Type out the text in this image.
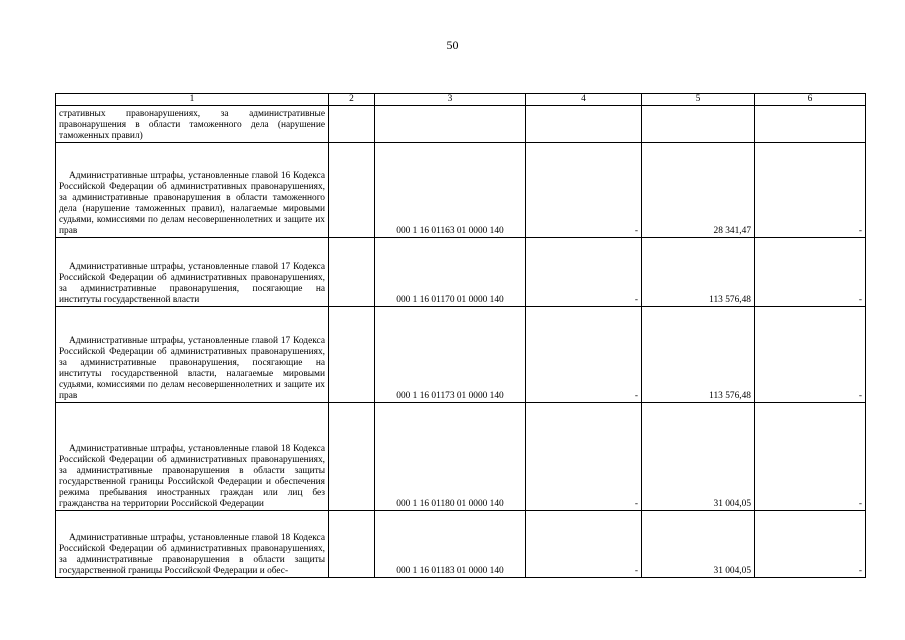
50
1	2	3	4	5	6
стративных правонарушениях, за административные правонарушения в области таможенного дела (нарушение таможенных правил)					
Административные штрафы, установленные главой 16 Кодекса Российской Федерации об административных правонарушениях, за административные правонарушения в области таможенного дела (нарушение таможенных правил), налагаемые мировыми судьями, комиссиями по делам несовершеннолетних и защите их прав		000 1 16 01163 01 0000 140	-	28 341,47	-
Административные штрафы, установленные главой 17 Кодекса Российской Федерации об административных правонарушениях, за административные правонарушения, посягающие на институты государственной власти		000 1 16 01170 01 0000 140	-	113 576,48	-
Административные штрафы, установленные главой 17 Кодекса Российской Федерации об административных правонарушениях, за административные правонарушения, посягающие на институты государственной власти, налагаемые мировыми судьями, комиссиями по делам несовершеннолетних и защите их прав		000 1 16 01173 01 0000 140	-	113 576,48	-
Административные штрафы, установленные главой 18 Кодекса Российской Федерации об административных правонарушениях, за административные правонарушения в области защиты государственной границы Российской Федерации и обеспечения режима пребывания иностранных граждан или лиц без гражданства на территории Российской Федерации		000 1 16 01180 01 0000 140	-	31 004,05	-
Административные штрафы, установленные главой 18 Кодекса Российской Федерации об административных правонарушениях, за административные правонарушения в области защиты государственной границы Российской Федерации и обес-		000 1 16 01183 01 0000 140	-	31 004,05	-
